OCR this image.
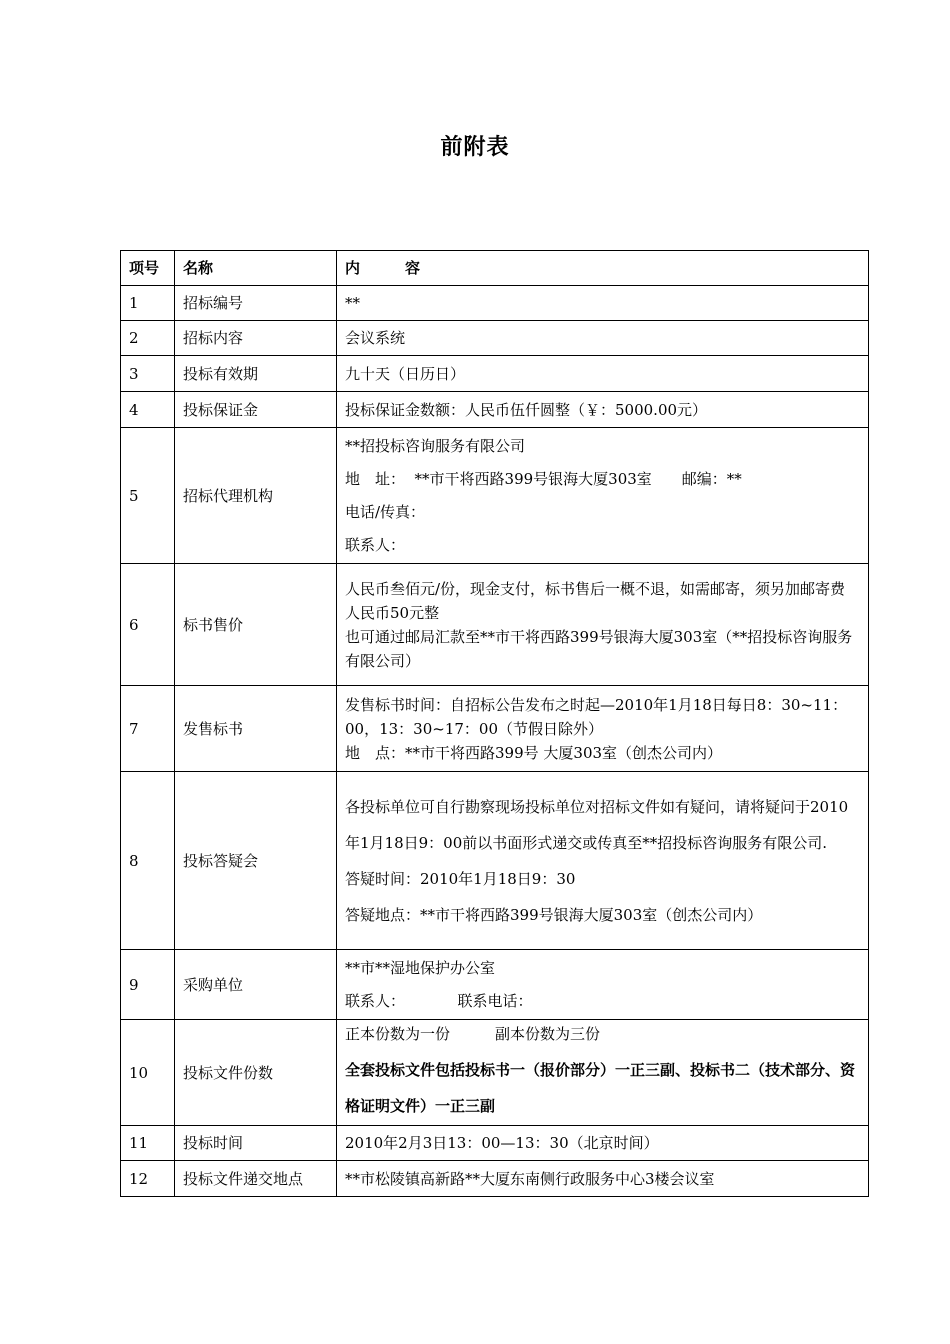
前附表
项号	名称	内　　　容
1	招标编号	**

2	招标内容	会议系统

3	投标有效期	九十天（日历日）

4	投标保证金	投标保证金数额：人民币伍仟圆整（￥：5000.00元）

5	招标代理机构	**招投标咨询服务有限公司
地　址：  **市干将西路399号银海大厦303室　　邮编：**
电话/传真：
联系人：

6	标书售价	人民币叁佰元/份，现金支付，标书售后一概不退，如需邮寄，须另加邮寄费人民币50元整
也可通过邮局汇款至**市干将西路399号银海大厦303室（**招投标咨询服务有限公司）

7	发售标书	发售标书时间：自招标公告发布之时起—2010年1月18日每日8：30~11：00，13：30~17：00（节假日除外）
地　点：**市干将西路399号 大厦303室（创杰公司内）

8	投标答疑会	各投标单位可自行勘察现场投标单位对招标文件如有疑问，请将疑问于2010年1月18日9：00前以书面形式递交或传真至**招投标咨询服务有限公司.
答疑时间：2010年1月18日9：30
答疑地点：**市干将西路399号银海大厦303室（创杰公司内）

9	采购单位	**市**湿地保护办公室
联系人：　　　　联系电话：

10	投标文件份数	正本份数为一份　　　副本份数为三份
全套投标文件包括投标书一（报价部分）一正三副、投标书二（技术部分、资格证明文件）一正三副

11	投标时间	2010年2月3日13：00—13：30（北京时间）

12	投标文件递交地点	**市松陵镇高新路**大厦东南侧行政服务中心3楼会议室
